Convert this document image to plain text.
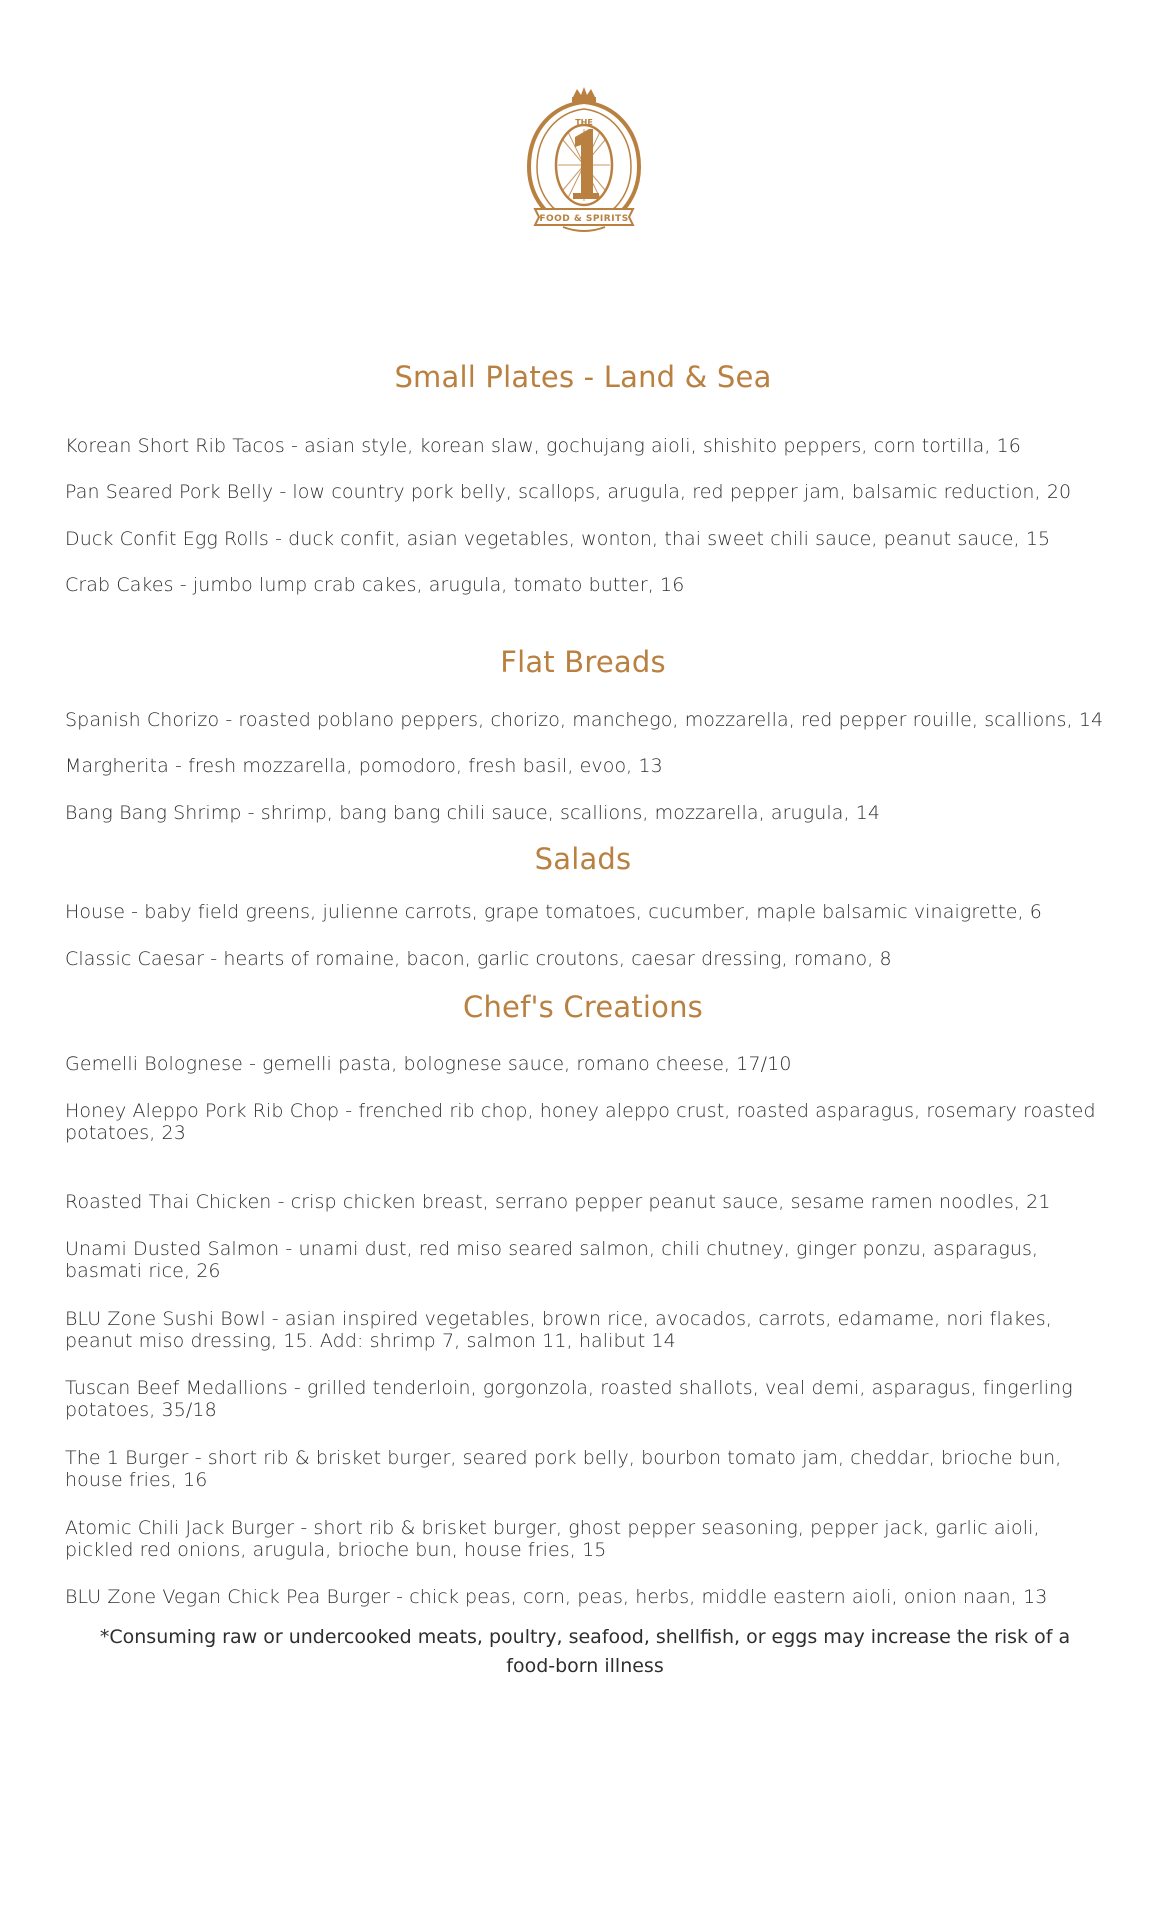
THE
FOOD & SPIRITS
Small Plates - Land & Sea

Korean Short Rib Tacos - asian style, korean slaw, gochujang aioli, shishito peppers, corn tortilla, 16

Pan Seared Pork Belly - low country pork belly, scallops, arugula, red pepper jam, balsamic reduction, 20

Duck Confit Egg Rolls - duck confit, asian vegetables, wonton, thai sweet chili sauce, peanut sauce, 15

Crab Cakes - jumbo lump crab cakes, arugula, tomato butter, 16

Flat Breads

Spanish Chorizo - roasted poblano peppers, chorizo, manchego, mozzarella, red pepper rouille, scallions, 14

Margherita - fresh mozzarella, pomodoro, fresh basil, evoo, 13

Bang Bang Shrimp - shrimp, bang bang chili sauce, scallions, mozzarella, arugula, 14

Salads

House - baby field greens, julienne carrots, grape tomatoes, cucumber, maple balsamic vinaigrette, 6

Classic Caesar - hearts of romaine, bacon, garlic croutons, caesar dressing, romano, 8

Chef's Creations

Gemelli Bolognese - gemelli pasta, bolognese sauce, romano cheese, 17/10

Honey Aleppo Pork Rib Chop - frenched rib chop, honey aleppo crust, roasted asparagus, rosemary roasted potatoes, 23

Roasted Thai Chicken - crisp chicken breast, serrano pepper peanut sauce, sesame ramen noodles, 21

Unami Dusted Salmon - unami dust, red miso seared salmon, chili chutney, ginger ponzu, asparagus, basmati rice, 26

BLU Zone Sushi Bowl - asian inspired vegetables, brown rice, avocados, carrots, edamame, nori flakes, peanut miso dressing, 15. Add: shrimp 7, salmon 11, halibut 14

Tuscan Beef Medallions - grilled tenderloin, gorgonzola, roasted shallots, veal demi, asparagus, fingerling potatoes, 35/18

The 1 Burger - short rib & brisket burger, seared pork belly, bourbon tomato jam, cheddar, brioche bun, house fries, 16

Atomic Chili Jack Burger - short rib & brisket burger, ghost pepper seasoning, pepper jack, garlic aioli, pickled red onions, arugula, brioche bun, house fries, 15

BLU Zone Vegan Chick Pea Burger - chick peas, corn, peas, herbs, middle eastern aioli, onion naan, 13

*Consuming raw or undercooked meats, poultry, seafood, shellfish, or eggs may increase the risk of a food-born illness
